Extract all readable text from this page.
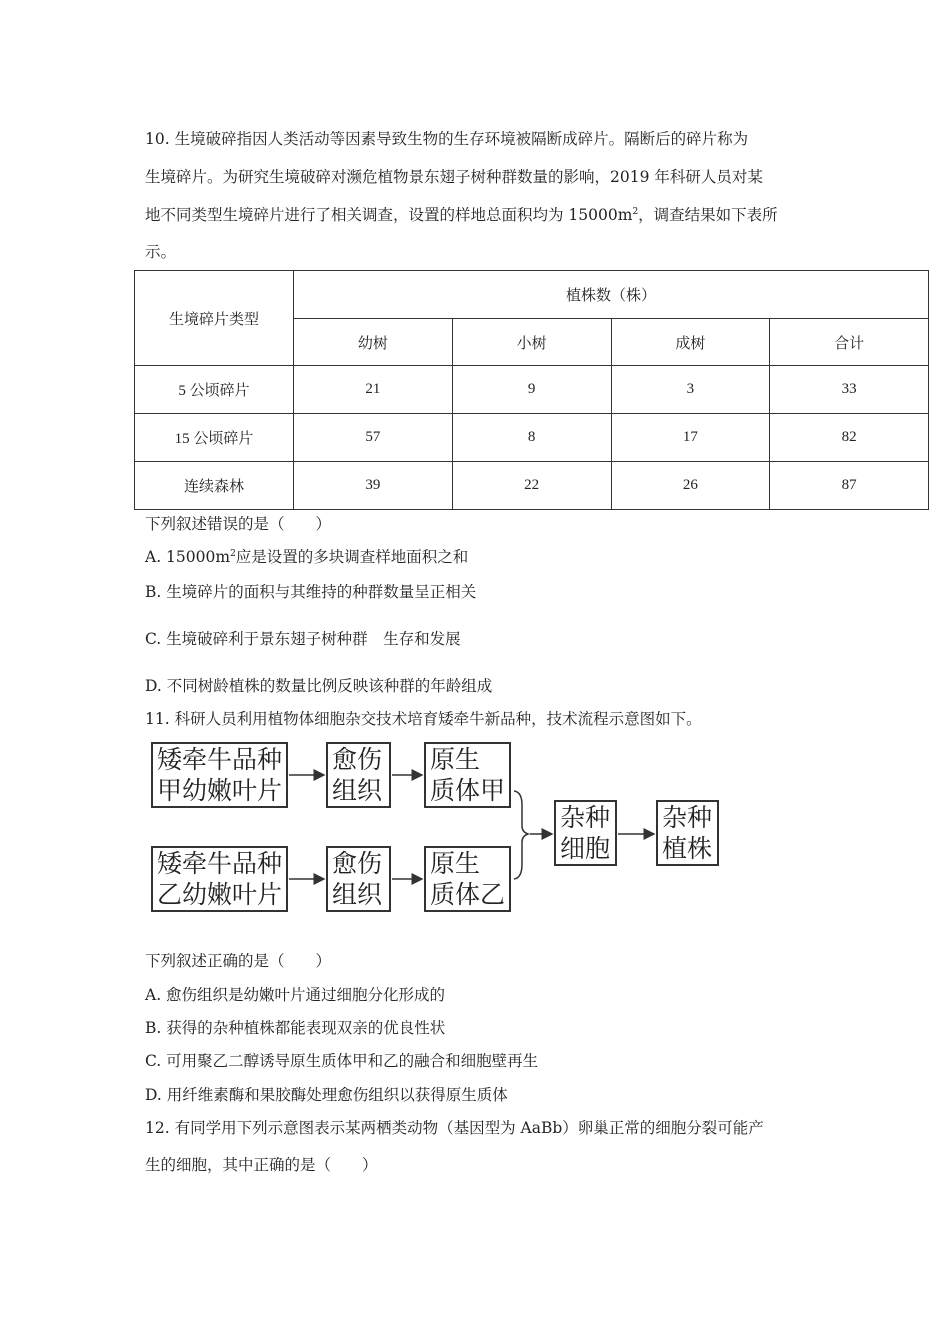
10. 生境破碎指因人类活动等因素导致生物的生存环境被隔断成碎片。隔断后的碎片称为
生境碎片。为研究生境破碎对濒危植物景东翅子树种群数量的影响，2019 年科研人员对某
地不同类型生境碎片进行了相关调查，设置的样地总面积均为 $15000m^2$，调查结果如下表所
示。
生境碎片类型	植株数（株）			
	幼树	小树	成树	合计
5 公顷碎片	21	9	3	33
15 公顷碎片	57	8	17	82
连续森林	39	22	26	87
下列叙述错误的是（　　）
A. $15000m^2$应是设置的多块调查样地面积之和
B. 生境碎片的面积与其维持的种群数量呈正相关
C. 生境破碎利于景东翅子树种群　生存和发展
D. 不同树龄植株的数量比例反映该种群的年龄组成
11. 科研人员利用植物体细胞杂交技术培育矮牵牛新品种，技术流程示意图如下。
矮牵牛品种
甲幼嫩叶片
愈伤
组织
原生
质体甲
矮牵牛品种
乙幼嫩叶片
愈伤
组织
原生
质体乙
杂种
细胞
杂种
植株
下列叙述正确的是（　　）
A. 愈伤组织是幼嫩叶片通过细胞分化形成的
B. 获得的杂种植株都能表现双亲的优良性状
C. 可用聚乙二醇诱导原生质体甲和乙的融合和细胞壁再生
D. 用纤维素酶和果胶酶处理愈伤组织以获得原生质体
12. 有同学用下列示意图表示某两栖类动物（基因型为 AaBb）卵巢正常的细胞分裂可能产
生的细胞，其中正确的是（　　）
